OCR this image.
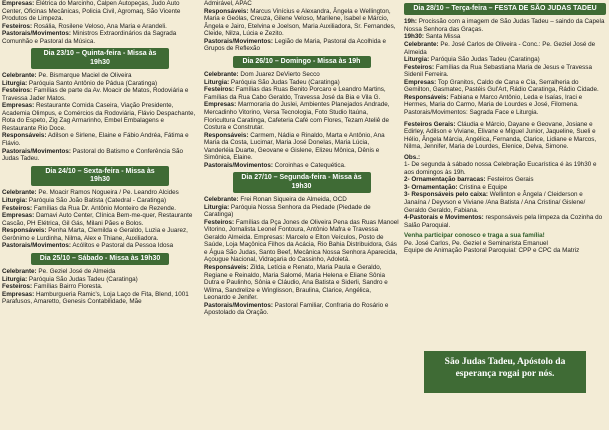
Empresas: Elétrica do Marcinho, Calpen Autopeças, Judo Auto Center, Oficinas Mecânicas, Policia Civil, Agromaq, São Vicente Produtos de Limpeza.
Festeiros: Rosália, Rosilene Veloso, Ana Maria e Arandeli.
Pastorais/Movimentos: Ministros Extraordinários da Sagrada Comunhão e Pastoral da Música.
Dia 23/10 – Quinta-feira - Missa às 19h30
Celebrante: Pe. Bismarque Maciel de Oliveira
Liturgia: Paróquia Santo Antônio de Pádua (Caratinga)
Festeiros: Famílias de parte da Av. Moacir de Matos, Rodoviária e Travessa Jader Matos.
Empresas: Restaurante Comida Caseira, Viação Presidente, Academia Olimpus, e Comércios da Rodoviária, Flávio Despachante, Rota do Espeto, Zig Zag Armarinho, Embel Embalagens e Restaurante Rio Doce.
Responsáveis: Adilson e Sirlene, Elaine e Fábio Andréa, Fátima e Flávio.
Pastorais/Movimentos: Pastoral do Batismo e Conferência São Judas Tadeu.
Dia 24/10 – Sexta-feira - Missa às 19h30
Celebrante: Pe. Moacir Ramos Nogueira / Pe. Leandro Alcides
Liturgia: Paróquia São João Batista (Catedral - Caratinga)
Festeiros: Famílias da Rua Dr. Antônio Monteiro de Rezende.
Empresas: Damavi Auto Center, Clínica Bem-me-quer, Restaurante Cascão, PH Elétrica, Gil Gás, Milani Pães e Bolos.
Responsáveis: Penha Marta, Clemilda e Geraldo, Luzia e Juarez, Gerônimo e Lurdinha, Nilma, Alex e Thiane, Auxiliadora.
Pastorais/Movimentos: Acólitos e Pastoral da Pessoa Idosa
Dia 25/10 – Sábado - Missa às 19h30
Celebrante: Pe. Geziel José de Almeida
Liturgia: Paróquia São Judas Tadeu (Caratinga)
Festeiros: Famílias Bairro Floresta.
Empresas: Hamburgueria Ramic's, Loja Laço de Fita, Blend, 1001 Parafusos, Amaretto, Genesis Contabilidade, Mãe
Admirável, APAC
Responsáveis: Marcus Vinícius e Alexandra, Ângela e Wellington, Maria e Geólas, Creuza, Gilene Veloso, Marilene, Isabel e Márcio, Ângela e Jairo, Etelvina e Joelson, Maria Auxiliadora, Sr. Fernandes, Cleide, Nilza, Lúcia e Zezito.
Pastorais/Movimentos: Legião de Maria, Pastoral da Acolhida e Grupos de Reflexão
Dia 26/10 – Domingo - Missa às 19h
Celebrante: Dom Juarez DeVierto Secco
Liturgia: Paróquia São Judas Tadeu (Caratinga)
Festeiros: Famílias das Ruas Benito Porcaro e Leandro Martins, Famílias da Rua Cabo Geraldo, Travessa José da Bia e Vila G.
Empresas: Marmoraria do Juslei, Ambientes Planejados Andrade, Mercadinho Vitorino, Versa Tecnologia, Foto Studio Itaúna, Floricultura Caratinga, Cafeteria Café com Flores, Tezam Ateliê de Costura e Construtar.
Responsáveis: Carmem, Nádia e Rinaldo, Marta e Antônio, Ana Maria da Costa, Lucimar, Maria José Donelas, Maria Lúcia, Vanderléia Duarte, Geovane e Gislene, Elizeu Mônica, Dênis e Simônica, Elaine.
Pastorais/Movimentos: Coroinhas e Catequética.
Dia 27/10 – Segunda-feira - Missa às 19h30
Celebrante: Frei Ronan Siqueira de Almeida, OCD
Liturgia: Paróquia Nossa Senhora da Piedade (Piedade de Caratinga)
Festeiros: Famílias da Pça Jones de Oliveira Pena das Ruas Manoel Vitorino, Jornalista Leonel Fontoura, Antônio Mafra e Travessa Geraldo Almeida. Empresas: Marcelo e Elton Veículos, Posto de Saúde, Loja Maçônica Filhos da Acácia, Rio Bahia Distribuidora, Gás e Água São Judas, Santo Beef, Mecânica Nossa Senhora Aparecida, Açougue Nacional, Vidraçaria do Cassinho, Adoletá.
Responsáveis: Zilda, Letícia e Renato, Maria Paula e Geraldo, Regiane e Reinaldo, Maria Salomé, Maria Helena e Eliane Sônia Dutra e Paulinho, Sônia e Cláudio, Ana Batista e Siderli, Sandro e Wilma, Sandrelize e Winglisson, Braulina, Clarice, Angélica, Leonardo e Jenifer.
Pastorais/Movimentos: Pastoral Familiar, Confraria do Rosário e Apostolado da Oração.
Dia 28/10 – Terça-feira – FESTA DE SÃO JUDAS TADEU
19h: Procissão com a imagem de São Judas Tadeu – saindo da Capela Nossa Senhora das Graças.
19h30: Santa Missa
Celebrante: Pe. José Carlos de Oliveira - Conc.: Pe. Geziel José de Almeida
Liturgia: Paróquia São Judas Tadeu (Caratinga)
Festeiros: Famílias da Rua Sebastiana Maria de Jesus e Travessa Sidenil Ferreira.
Empresas: Top Granitos, Caldo de Cana e Cia, Serralheria do Gemilton, Gasmatec, Pastéis Gul'Art, Rádio Caratinga, Rádio Cidade.
Responsáveis: Fabiana e Marco Antônio, Leda e Isaías, Iraci e Hermes, Maria do Carmo, Maria de Lourdes e José, Filomena. Pastorais/Movimentos: Sagrada Face e Liturgia.
Festeiros Gerais: Cláudia e Márcio, Dayane e Geovane, Josiane e Edirley, Adilson e Viviane, Elivane e Miguel Junior, Jaqueline, Sueli e Hélio, Ângela Márcia, Angélica, Fernanda, Clarice, Lidiane e Marcos, Nilma, Jennifer, Maria de Lourdes, Elenice, Delva, Simone.
Obs.:
1- De segunda à sábado nossa Celebração Eucarística é às 19h30 e aos domingos às 19h.
2- Ornamentação barracas: Festeiros Gerais
3- Ornamentação: Cristina e Equipe
3- Responsáveis pelo caixa: Wellinton e Ângela / Cleiderson e Janaína / Deyvson e Viviane /Ana Batista / Ana Cristina/ Gislene/ Geraldo Geraldo, Fabiana.
4-Pastorais e Movimentos: responsáveis pela limpeza da Cozinha do Salão Paroquial.
Venha participar conosco e traga a sua família!
Pe. José Carlos, Pe. Geziel e Seminarista Emanuel
Equipe de Animação Pastoral Paroquial: CPP e CPC da Matriz
São Judas Tadeu, Apóstolo da
esperança rogai por nós.
